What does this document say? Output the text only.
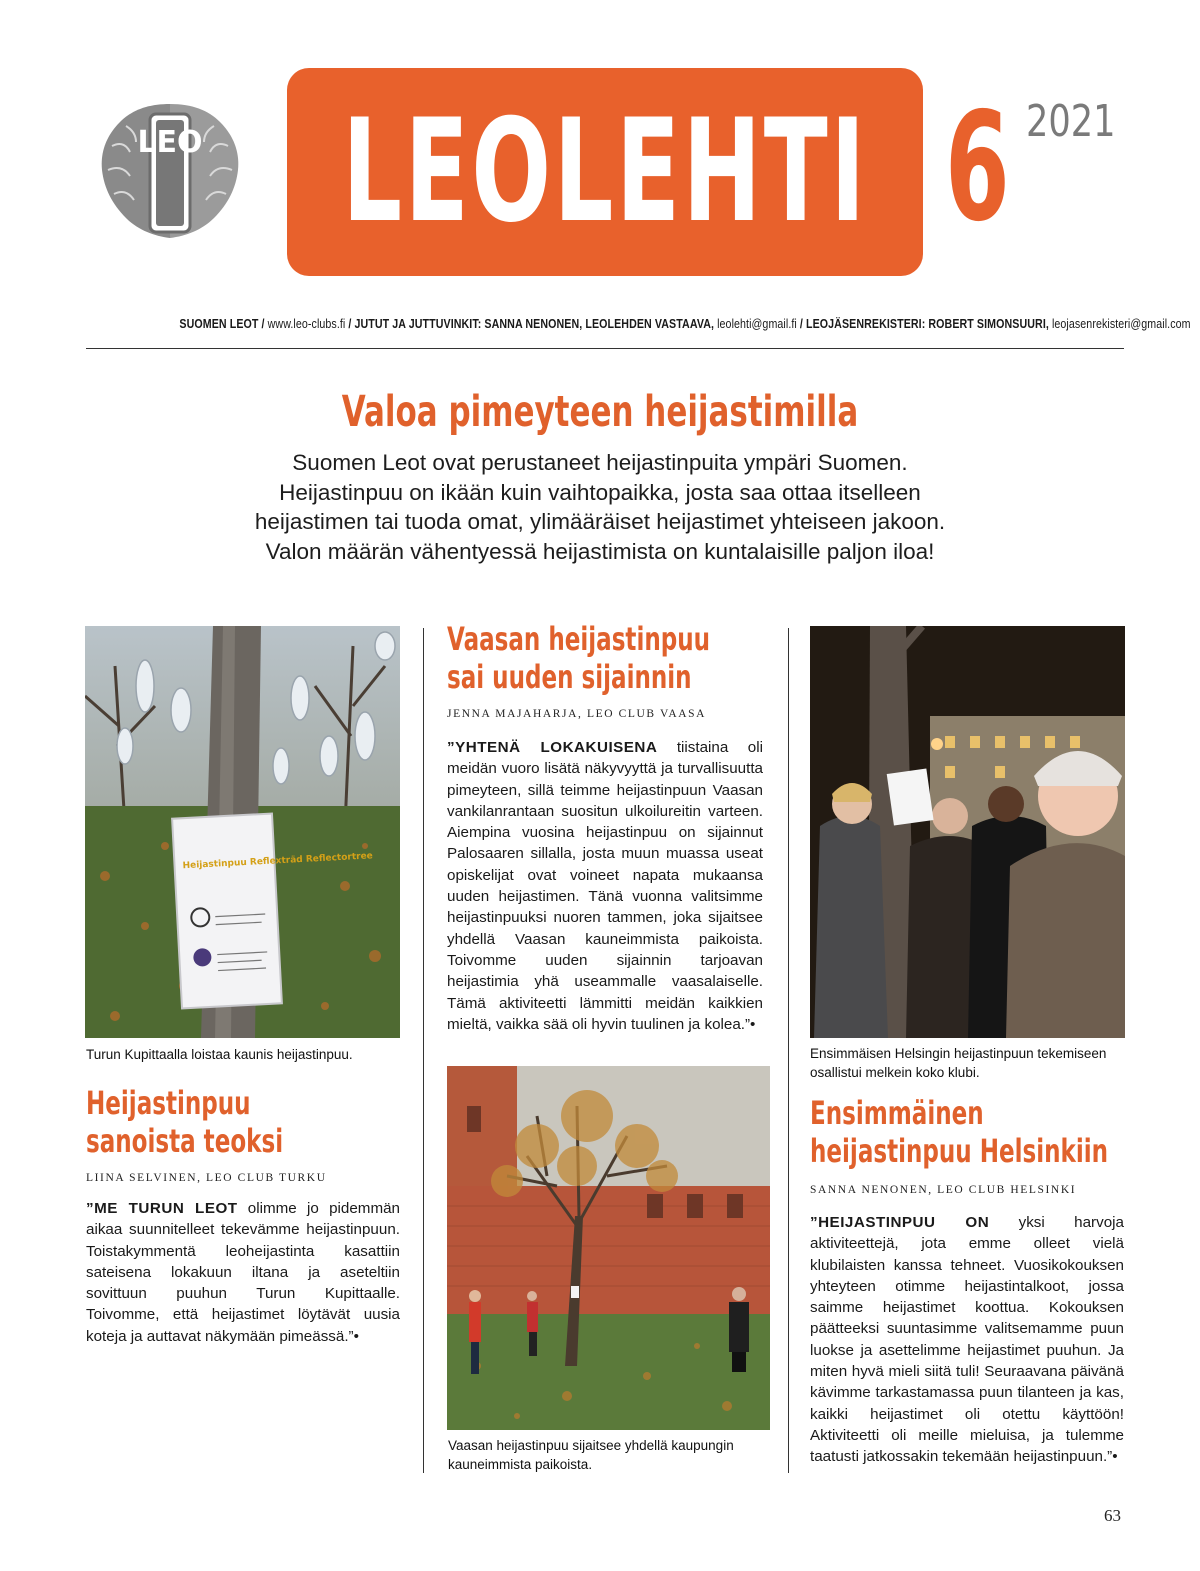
LEO LEOLEHTI 6 2021
SUOMEN LEOT / www.leo-clubs.fi / JUTUT JA JUTTUVINKIT: SANNA NENONEN, LEOLEHDEN VASTAAVA, leolehti@gmail.fi / LEOJÄSENREKISTERI: ROBERT SIMONSUURI, leojasenrekisteri@gmail.com
Valoa pimeyteen heijastimilla
Suomen Leot ovat perustaneet heijastinpuita ympäri Suomen. Heijastinpuu on ikään kuin vaihtopaikka, josta saa ottaa itselleen heijastimen tai tuoda omat, ylimääräiset heijastimet yhteiseen jakoon. Valon määrän vähentyessä heijastimista on kuntalaisille paljon iloa!
Heijastinpuu Reflexträd Reflectortree
Turun Kupittaalla loistaa kaunis heijastinpuu.
Heijastinpuu
sanoista teoksi
LIINA SELVINEN, LEO CLUB TURKU
”ME TURUN LEOT olimme jo pidemmän aikaa suunnitelleet tekevämme heijastinpuun. Toistakymmentä leoheijastinta kasattiin sateisena lokakuun iltana ja aseteltiin sovittuun puuhun Turun Kupittaalle. Toivomme, että heijastimet löytävät uusia koteja ja auttavat näkymään pimeässä.”•
Vaasan heijastinpuu
sai uuden sijainnin
JENNA MAJAHARJA, LEO CLUB VAASA
”YHTENÄ LOKAKUISENA tiistaina oli meidän vuoro lisätä näkyvyyttä ja turvallisuutta pimeyteen, sillä teimme heijastinpuun Vaasan vankilanrantaan suositun ulkoilureitin varteen. Aiempina vuosina heijastinpuu on sijainnut Palosaaren sillalla, josta muun muassa useat opiskelijat ovat voineet napata mukaansa uuden heijastimen. Tänä vuonna valitsimme heijastinpuuksi nuoren tammen, joka sijaitsee yhdellä Vaasan kauneimmista paikoista. Toivomme uuden sijainnin tarjoavan heijastimia yhä useammalle vaasalaiselle. Tämä aktiviteetti lämmitti meidän kaikkien mieltä, vaikka sää oli hyvin tuulinen ja kolea.”•
Vaasan heijastinpuu sijaitsee yhdellä kaupungin kauneimmista paikoista.
Ensimmäisen Helsingin heijastinpuun tekemiseen osallistui melkein koko klubi.
Ensimmäinen
heijastinpuu Helsinkiin
SANNA NENONEN, LEO CLUB HELSINKI
”HEIJASTINPUU ON yksi harvoja aktiviteettejä, jota emme olleet vielä klubilaisten kanssa tehneet. Vuosikokouksen yhteyteen otimme heijastintalkoot, jossa saimme heijastimet koottua. Kokouksen päätteeksi suuntasimme valitsemamme puun luokse ja asettelimme heijastimet puuhun. Ja miten hyvä mieli siitä tuli! Seuraavana päivänä kävimme tarkastamassa puun tilanteen ja kas, kaikki heijastimet oli otettu käyttöön! Aktiviteetti oli meille mieluisa, ja tulemme taatusti jatkossakin tekemään heijastinpuun.”•
63
